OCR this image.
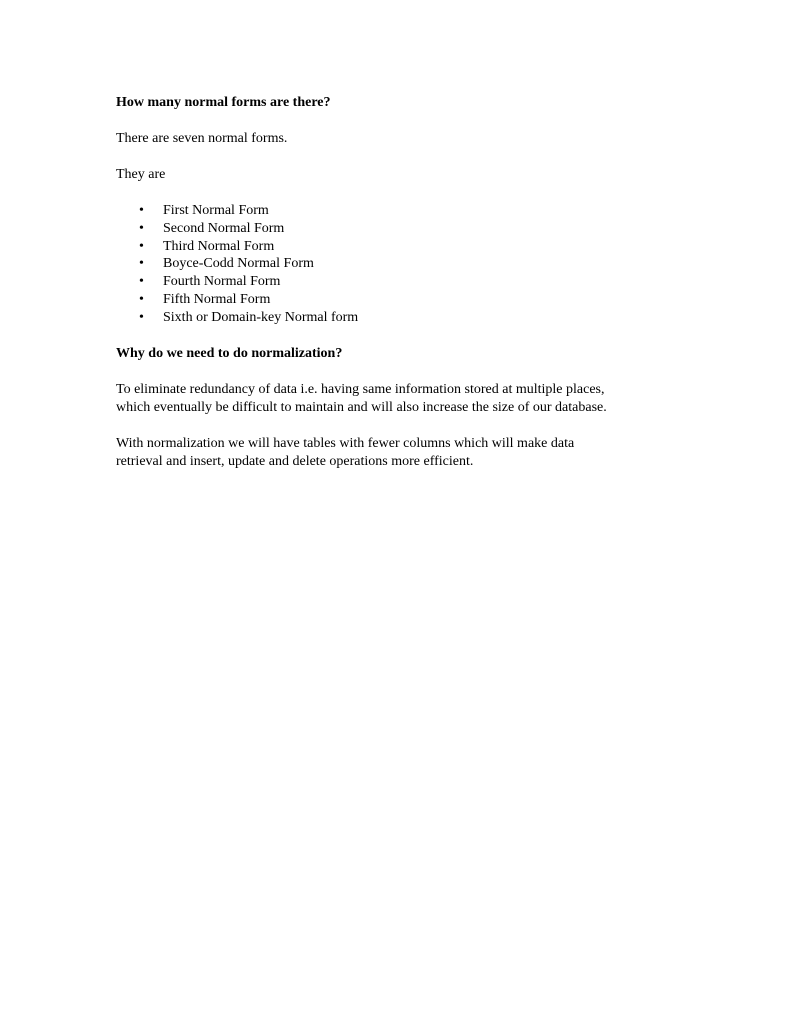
How many normal forms are there?
There are seven normal forms.
They are
• First Normal Form
• Second Normal Form
• Third Normal Form
• Boyce-Codd Normal Form
• Fourth Normal Form
• Fifth Normal Form
• Sixth or Domain-key Normal form
Why do we need to do normalization?
To eliminate redundancy of data i.e. having same information stored at multiple places,
which eventually be difficult to maintain and will also increase the size of our database.
With normalization we will have tables with fewer columns which will make data
retrieval and insert, update and delete operations more efficient.
